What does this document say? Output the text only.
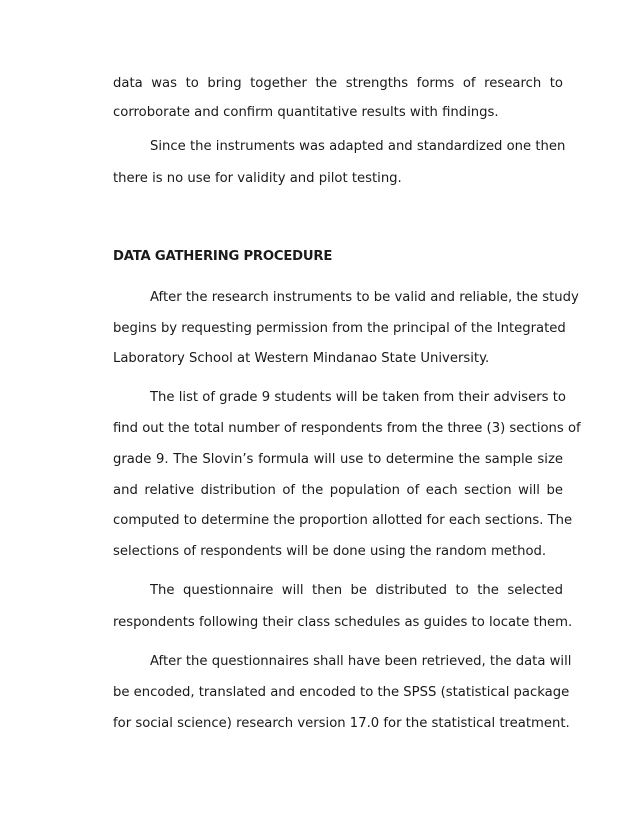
data was to bring together the strengths forms of research to
corroborate and confirm quantitative results with findings.
Since the instruments was adapted and standardized one then
there is no use for validity and pilot testing.
DATA GATHERING PROCEDURE
After the research instruments to be valid and reliable, the study
begins by requesting permission from the principal of the Integrated
Laboratory School at Western Mindanao State University.
The list of grade 9 students will be taken from their advisers to
find out the total number of respondents from the three (3) sections of
grade 9. The Slovin’s formula will use to determine the sample size
and relative distribution of the population of each section will be
computed to determine the proportion allotted for each sections. The
selections of respondents will be done using the random method.
The questionnaire will then be distributed to the selected
respondents following their class schedules as guides to locate them.
After the questionnaires shall have been retrieved, the data will
be encoded, translated and encoded to the SPSS (statistical package
for social science) research version 17.0 for the statistical treatment.
